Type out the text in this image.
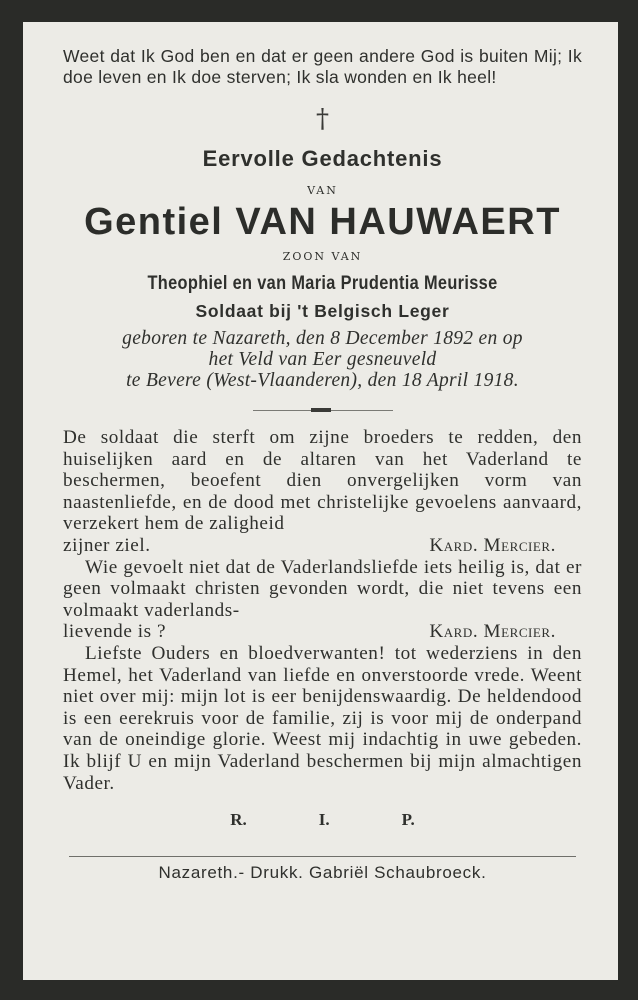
Weet dat Ik God ben en dat er geen andere God is buiten Mij; Ik doe leven en Ik doe sterven; Ik sla wonden en Ik heel!
†
Eervolle Gedachtenis
VAN
Gentiel VAN HAUWAERT
ZOON VAN
Theophiel en van Maria Prudentia Meurisse
Soldaat bij 't Belgisch Leger
geboren te Nazareth, den 8 December 1892 en op
het Veld van Eer gesneuveld
te Bevere (West-Vlaanderen), den 18 April 1918.

De soldaat die sterft om zijne broeders te redden, den huiselijken aard en de altaren van het Vaderland te beschermen, beoefent dien onvergelijken vorm van naastenliefde, en de dood met christelijke gevoelens aanvaard, verzekert hem de zaligheid

zijner ziel.	Kard. Mercier.

Wie gevoelt niet dat de Vaderlandsliefde iets heilig is, dat er geen volmaakt christen gevonden wordt, die niet tevens een volmaakt vaderlands-

lievende is ?	Kard. Mercier.

Liefste Ouders en bloedverwanten! tot wederziens in den Hemel, het Vaderland van liefde en onverstoorde vrede. Weent niet over mij: mijn lot is eer benijdenswaardig. De heldendood is een eerekruis voor de familie, zij is voor mij de onderpand van de oneindige glorie. Weest mij indachtig in uwe gebeden. Ik blijf U en mijn Vaderland beschermen bij mijn almachtigen Vader.

R.	I.	P.
Nazareth.- Drukk. Gabriël Schaubroeck.
